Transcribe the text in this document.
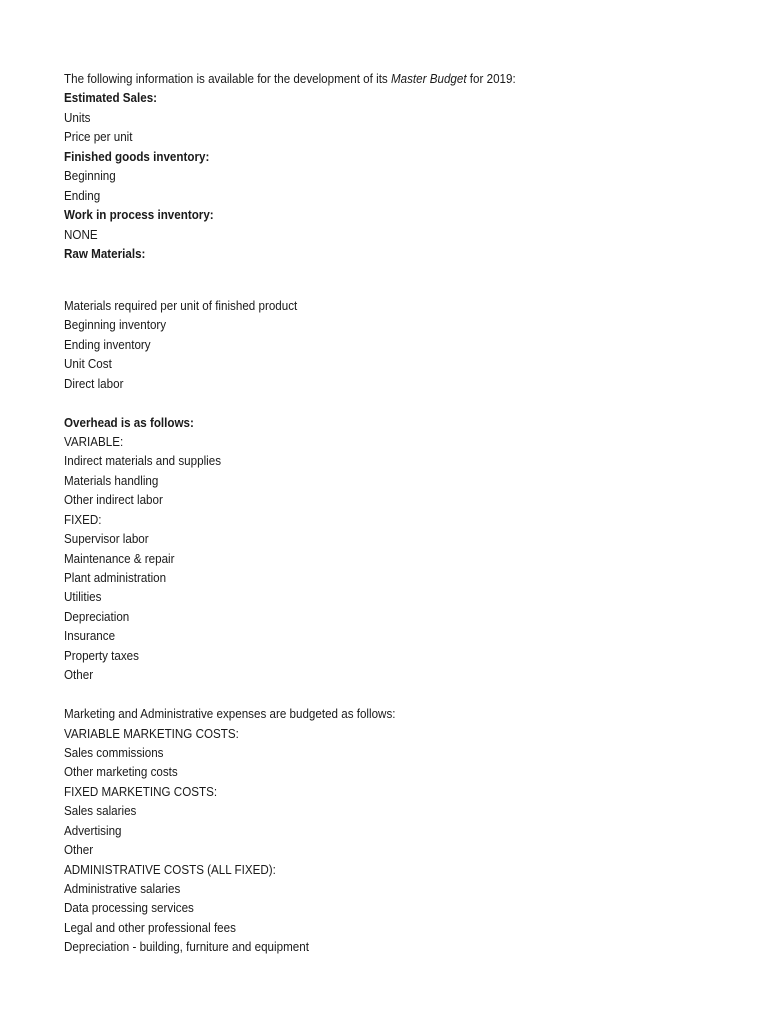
The following information is available for the development of its Master Budget for 2019:
Estimated Sales:
Units
Price per unit
Finished goods inventory:
Beginning
Ending
Work in process inventory:
NONE
Raw Materials:
Materials required per unit of finished product
Beginning inventory
Ending inventory
Unit Cost
Direct labor
Overhead is as follows:
VARIABLE:
Indirect materials and supplies
Materials handling
Other indirect labor
FIXED:
Supervisor labor
Maintenance & repair
Plant administration
Utilities
Depreciation
Insurance
Property taxes
Other
Marketing and Administrative expenses are budgeted as follows:
VARIABLE MARKETING COSTS:
Sales commissions
Other marketing costs
FIXED MARKETING COSTS:
Sales salaries
Advertising
Other
ADMINISTRATIVE COSTS (ALL FIXED):
Administrative salaries
Data processing services
Legal and other professional fees
Depreciation - building, furniture and equipment
